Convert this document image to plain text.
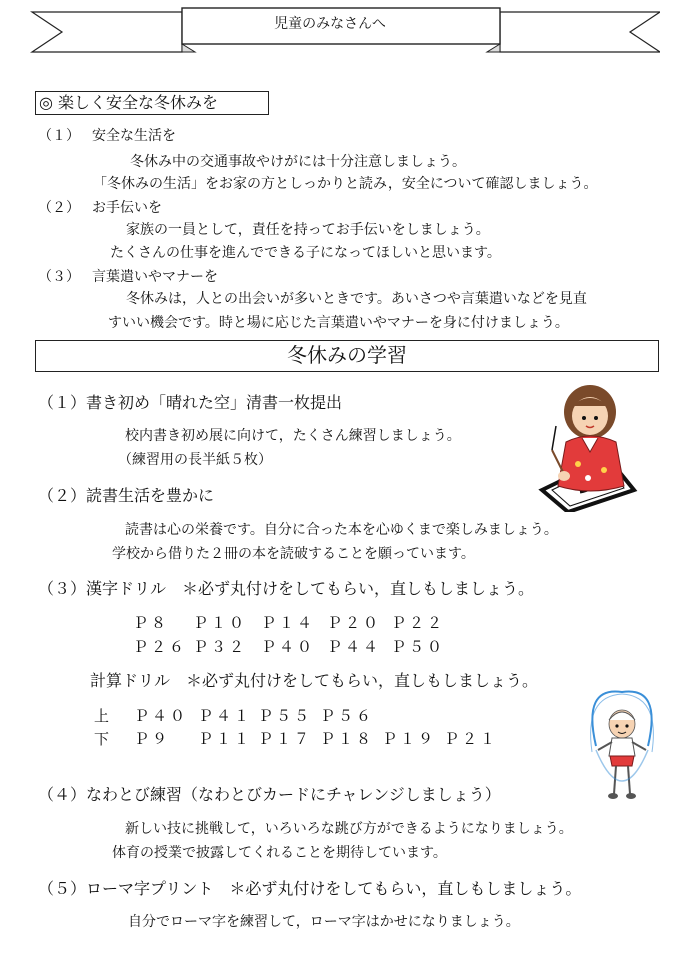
児童のみなさんへ
◎ 楽しく安全な冬休みを
（１） 安全な生活を
冬休み中の交通事故やけがには十分注意しましょう。
「冬休みの生活」をお家の方としっかりと読み，安全について確認しましょう。
（２） お手伝いを
家族の一員として，責任を持ってお手伝いをしましょう。
たくさんの仕事を進んでできる子になってほしいと思います。
（３） 言葉遣いやマナーを
冬休みは，人との出会いが多いときです。あいさつや言葉遣いなどを見直
すいい機会です。時と場に応じた言葉遣いやマナーを身に付けましょう。
冬休みの学習
（１）書き初め「晴れた空」清書一枚提出
校内書き初め展に向けて，たくさん練習しましょう。
（練習用の長半紙５枚）
（２）読書生活を豊かに
読書は心の栄養です。自分に合った本を心ゆくまで楽しみましょう。
学校から借りた２冊の本を読破することを願っています。
（３）漢字ドリル　＊必ず丸付けをしてもらい，直しもしましょう。
Ｐ８ Ｐ１０ Ｐ１４ Ｐ２０ Ｐ２２
Ｐ２６ Ｐ３２ Ｐ４０ Ｐ４４ Ｐ５０
計算ドリル　＊必ず丸付けをしてもらい，直しもしましょう。
上 Ｐ４０ Ｐ４１ Ｐ５５ Ｐ５６
下 Ｐ９ Ｐ１１ Ｐ１７ Ｐ１８ Ｐ１９ Ｐ２１
（４）なわとび練習（なわとびカードにチャレンジしましょう）
新しい技に挑戦して，いろいろな跳び方ができるようになりましょう。
体育の授業で披露してくれることを期待しています。
（５）ローマ字プリント　＊必ず丸付けをしてもらい，直しもしましょう。
自分でローマ字を練習して，ローマ字はかせになりましょう。
